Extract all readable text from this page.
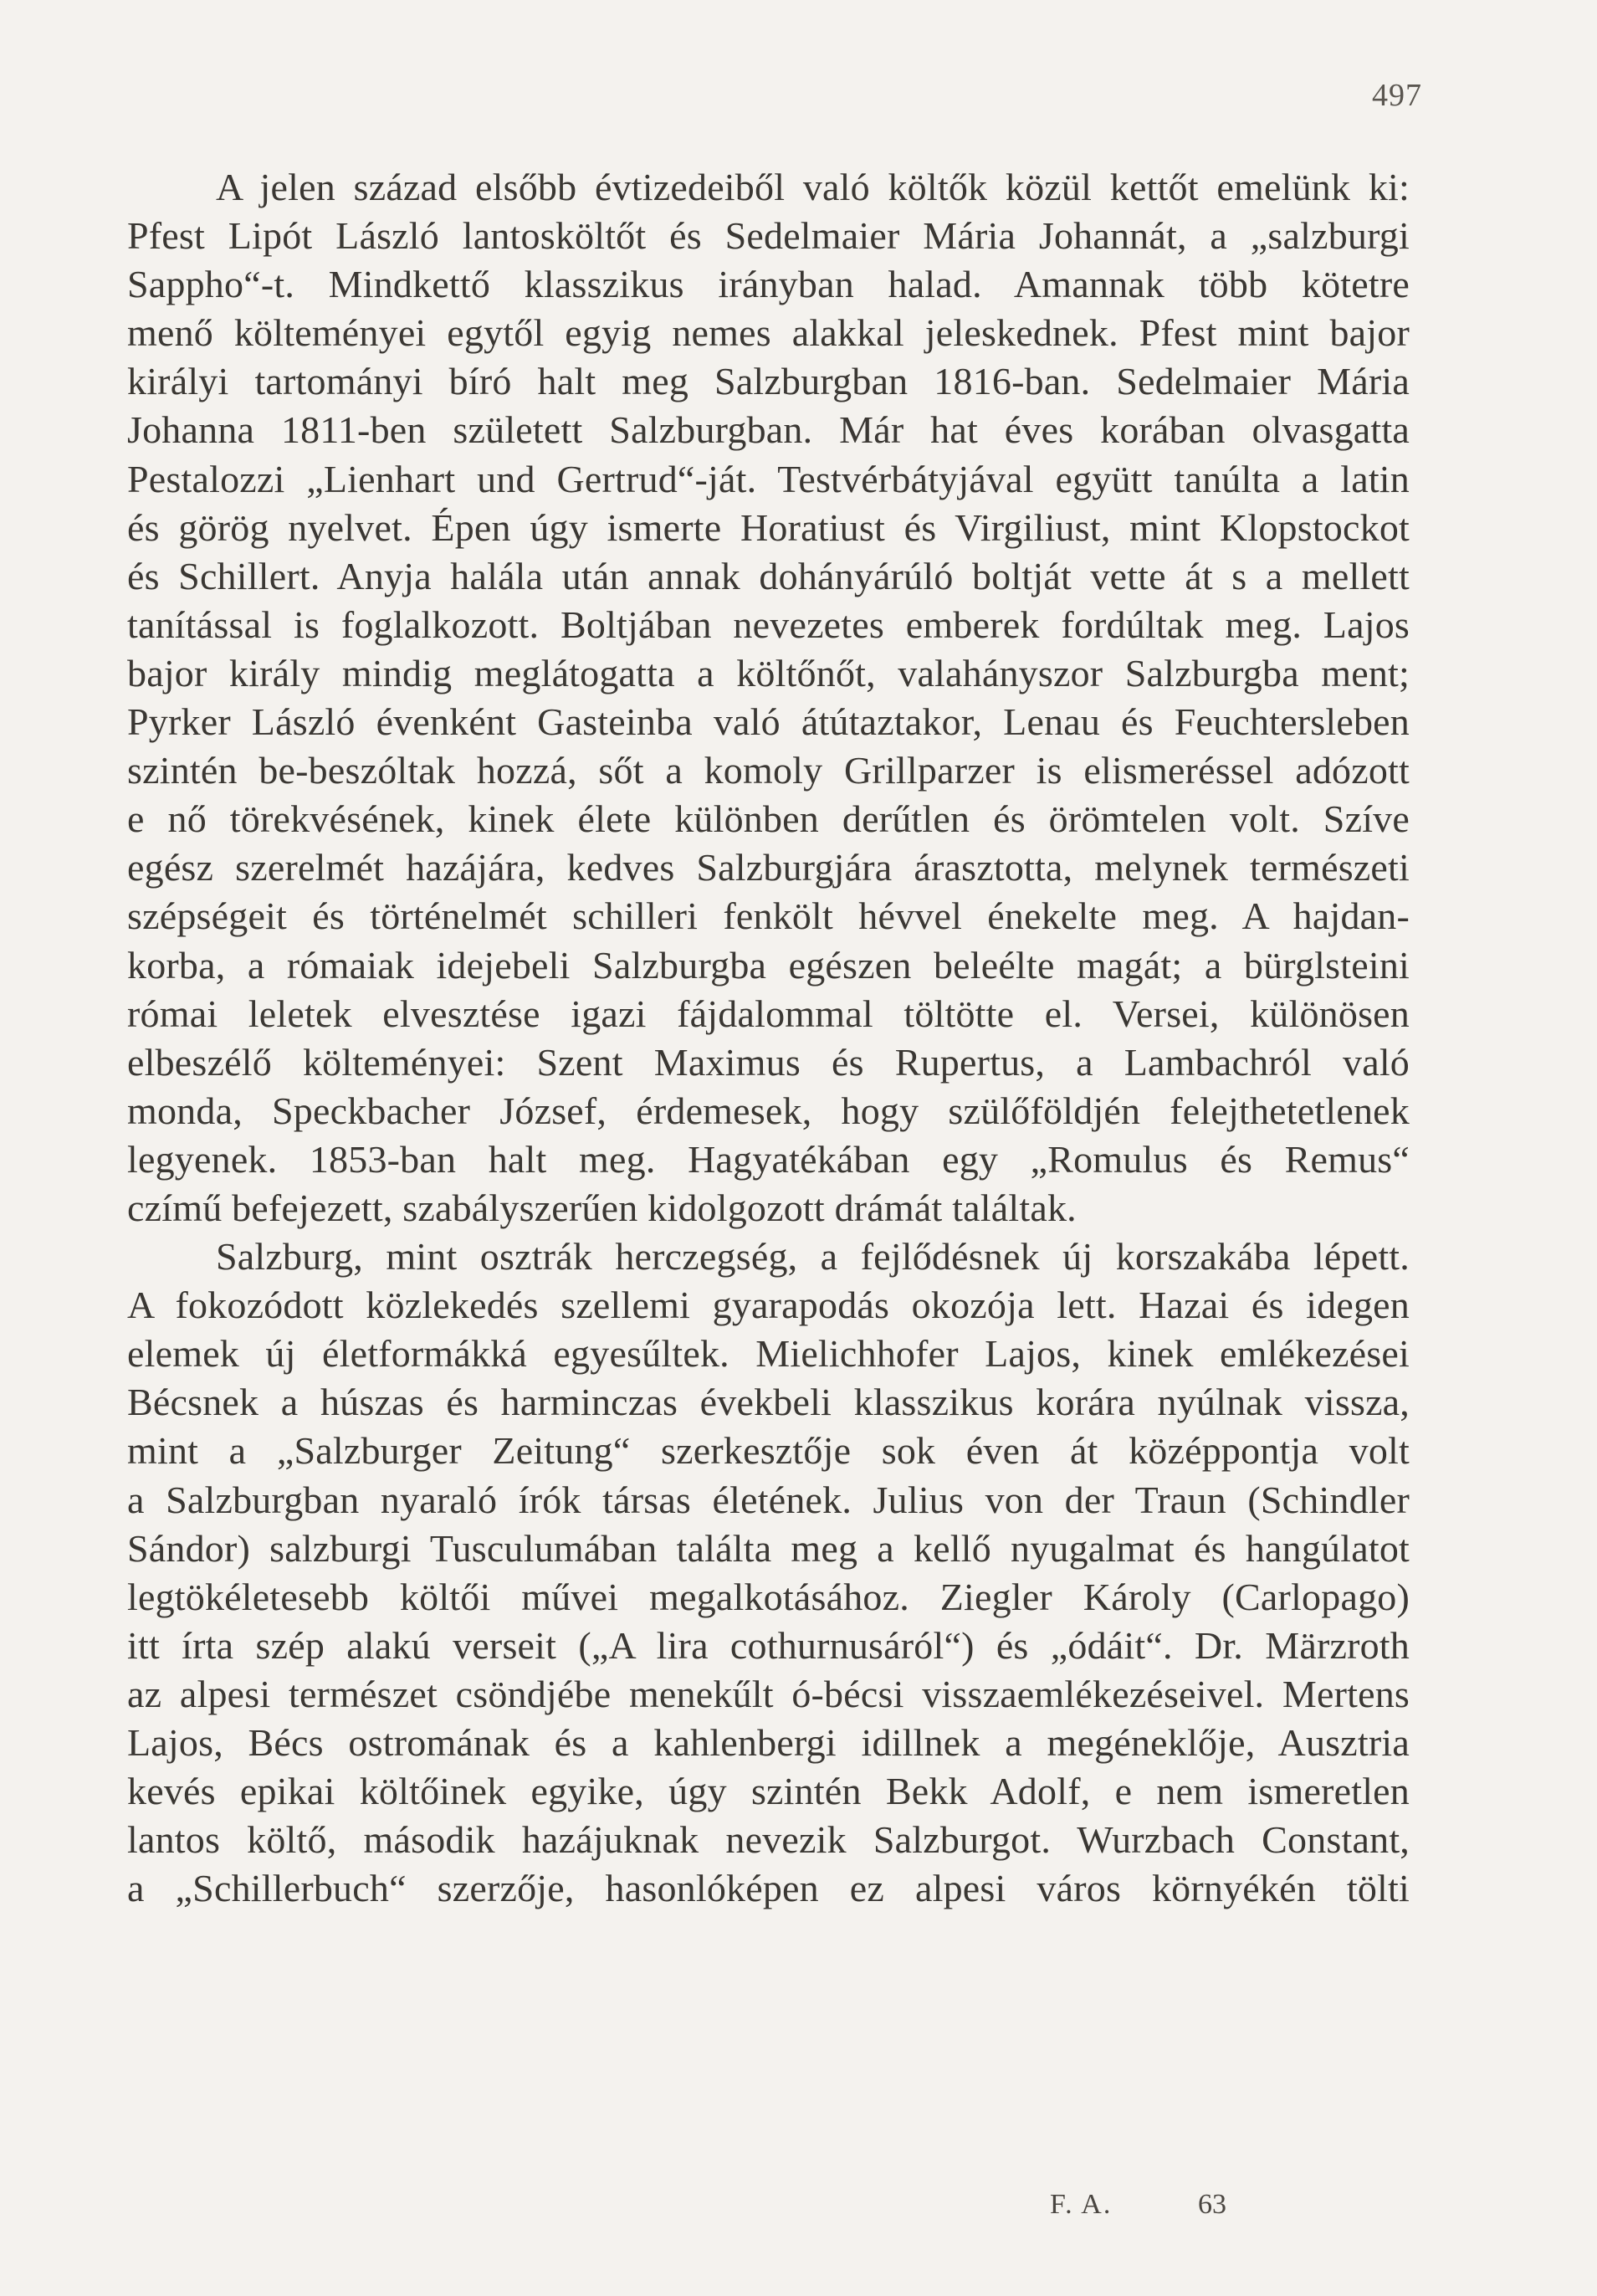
497
A jelen század elsőbb évtizedeiből való költők közül kettőt emelünk ki:
Pfest Lipót László lantosköltőt és Sedelmaier Mária Johannát, a „salzburgi
Sappho“-t. Mindkettő klasszikus irányban halad. Amannak több kötetre
menő költeményei egytől egyig nemes alakkal jeleskednek. Pfest mint bajor
királyi tartományi bíró halt meg Salzburgban 1816-ban. Sedelmaier Mária
Johanna 1811-ben született Salzburgban. Már hat éves korában olvasgatta
Pestalozzi „Lienhart und Gertrud“-ját. Testvérbátyjával együtt tanúlta a latin
és görög nyelvet. Épen úgy ismerte Horatiust és Virgiliust, mint Klopstockot
és Schillert. Anyja halála után annak dohányárúló boltját vette át s a mellett
tanítással is foglalkozott. Boltjában nevezetes emberek fordúltak meg. Lajos
bajor király mindig meglátogatta a költőnőt, valahányszor Salzburgba ment;
Pyrker László évenként Gasteinba való átútaztakor, Lenau és Feuchtersleben
szintén be-beszóltak hozzá, sőt a komoly Grillparzer is elismeréssel adózott
e nő törekvésének, kinek élete különben derűtlen és örömtelen volt. Szíve
egész szerelmét hazájára, kedves Salzburgjára árasztotta, melynek természeti
szépségeit és történelmét schilleri fenkölt hévvel énekelte meg. A hajdan-
korba, a rómaiak idejebeli Salzburgba egészen beleélte magát; a bürglsteini
római leletek elvesztése igazi fájdalommal töltötte el. Versei, különösen
elbeszélő költeményei: Szent Maximus és Rupertus, a Lambachról való
monda, Speckbacher József, érdemesek, hogy szülőföldjén felejthetetlenek
legyenek. 1853-ban halt meg. Hagyatékában egy „Romulus és Remus“
czímű befejezett, szabályszerűen kidolgozott drámát találtak.
Salzburg, mint osztrák herczegség, a fejlődésnek új korszakába lépett.
A fokozódott közlekedés szellemi gyarapodás okozója lett. Hazai és idegen
elemek új életformákká egyesűltek. Mielichhofer Lajos, kinek emlékezései
Bécsnek a húszas és harminczas évekbeli klasszikus korára nyúlnak vissza,
mint a „Salzburger Zeitung“ szerkesztője sok éven át középpontja volt
a Salzburgban nyaraló írók társas életének. Julius von der Traun (Schindler
Sándor) salzburgi Tusculumában találta meg a kellő nyugalmat és hangúlatot
legtökéletesebb költői művei megalkotásához. Ziegler Károly (Carlopago)
itt írta szép alakú verseit („A lira cothurnusáról“) és „ódáit“. Dr. Märzroth
az alpesi természet csöndjébe menekűlt ó-bécsi visszaemlékezéseivel. Mertens
Lajos, Bécs ostromának és a kahlenbergi idillnek a megéneklője, Ausztria
kevés epikai költőinek egyike, úgy szintén Bekk Adolf, e nem ismeretlen
lantos költő, második hazájuknak nevezik Salzburgot. Wurzbach Constant,
a „Schillerbuch“ szerzője, hasonlóképen ez alpesi város környékén tölti
F. A.	63
